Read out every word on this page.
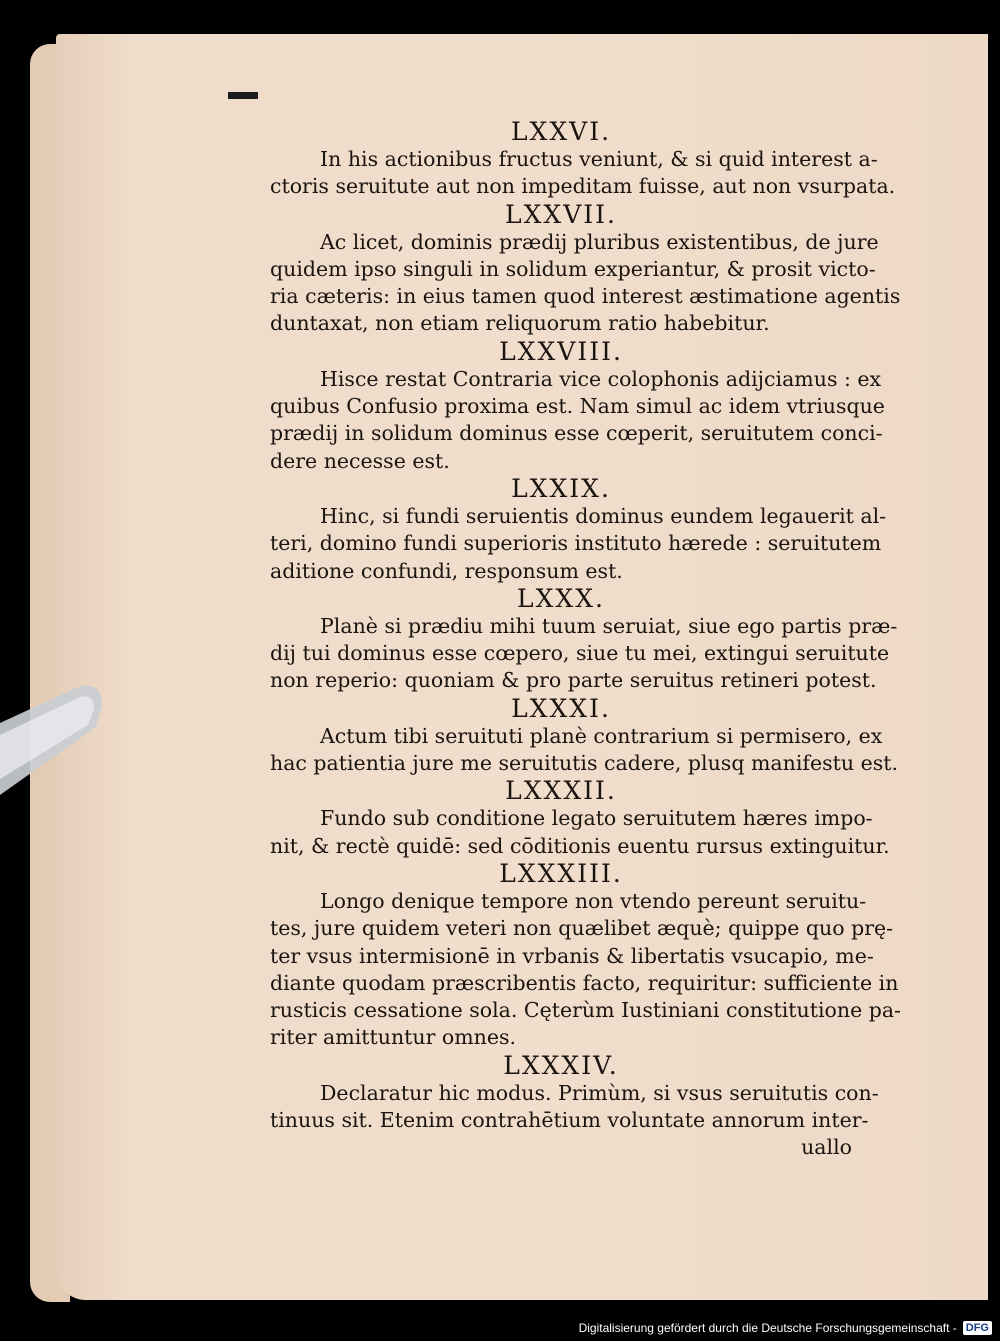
LXXVI.
In his actionibus fructus veniunt, & si quid interest a-
ctoris seruitute aut non impeditam fuisse, aut non vsurpata.
LXXVII.
Ac licet, dominis prædij pluribus existentibus, de jure
quidem ipso singuli in solidum experiantur, & prosit victo-
ria cæteris: in eius tamen quod interest æstimatione agentis
duntaxat, non etiam reliquorum ratio habebitur.
LXXVIII.
Hisce restat Contraria vice colophonis adijciamus : ex
quibus Confusio proxima est. Nam simul ac idem vtriusque
prædij in solidum dominus esse cœperit, seruitutem conci-
dere necesse est.
LXXIX.
Hinc, si fundi seruientis dominus eundem legauerit al-
teri, domino fundi superioris instituto hærede : seruitutem
aditione confundi, responsum est.
LXXX.
Planè si prædiu mihi tuum seruiat, siue ego partis præ-
dij tui dominus esse cœpero, siue tu mei, extingui seruitute
non reperio: quoniam & pro parte seruitus retineri potest.
LXXXI.
Actum tibi seruituti planè contrarium si permisero, ex
hac patientia jure me seruitutis cadere, plusq manifestu est.
LXXXII.
Fundo sub conditione legato seruitutem hæres impo-
nit, & rectè quidē: sed cōditionis euentu rursus extinguitur.
LXXXIII.
Longo denique tempore non vtendo pereunt seruitu-
tes, jure quidem veteri non quælibet æquè; quippe quo prę-
ter vsus intermisionē in vrbanis & libertatis vsucapio, me-
diante quodam præscribentis facto, requiritur: sufficiente in
rusticis cessatione sola. Cęterùm Iustiniani constitutione pa-
riter amittuntur omnes.
LXXXIV.
Declaratur hic modus. Primùm, si vsus seruitutis con-
tinuus sit. Etenim contrahētium voluntate annorum inter-
uallo
Digitalisierung gefördert durch die Deutsche Forschungsgemeinschaft - DFG
